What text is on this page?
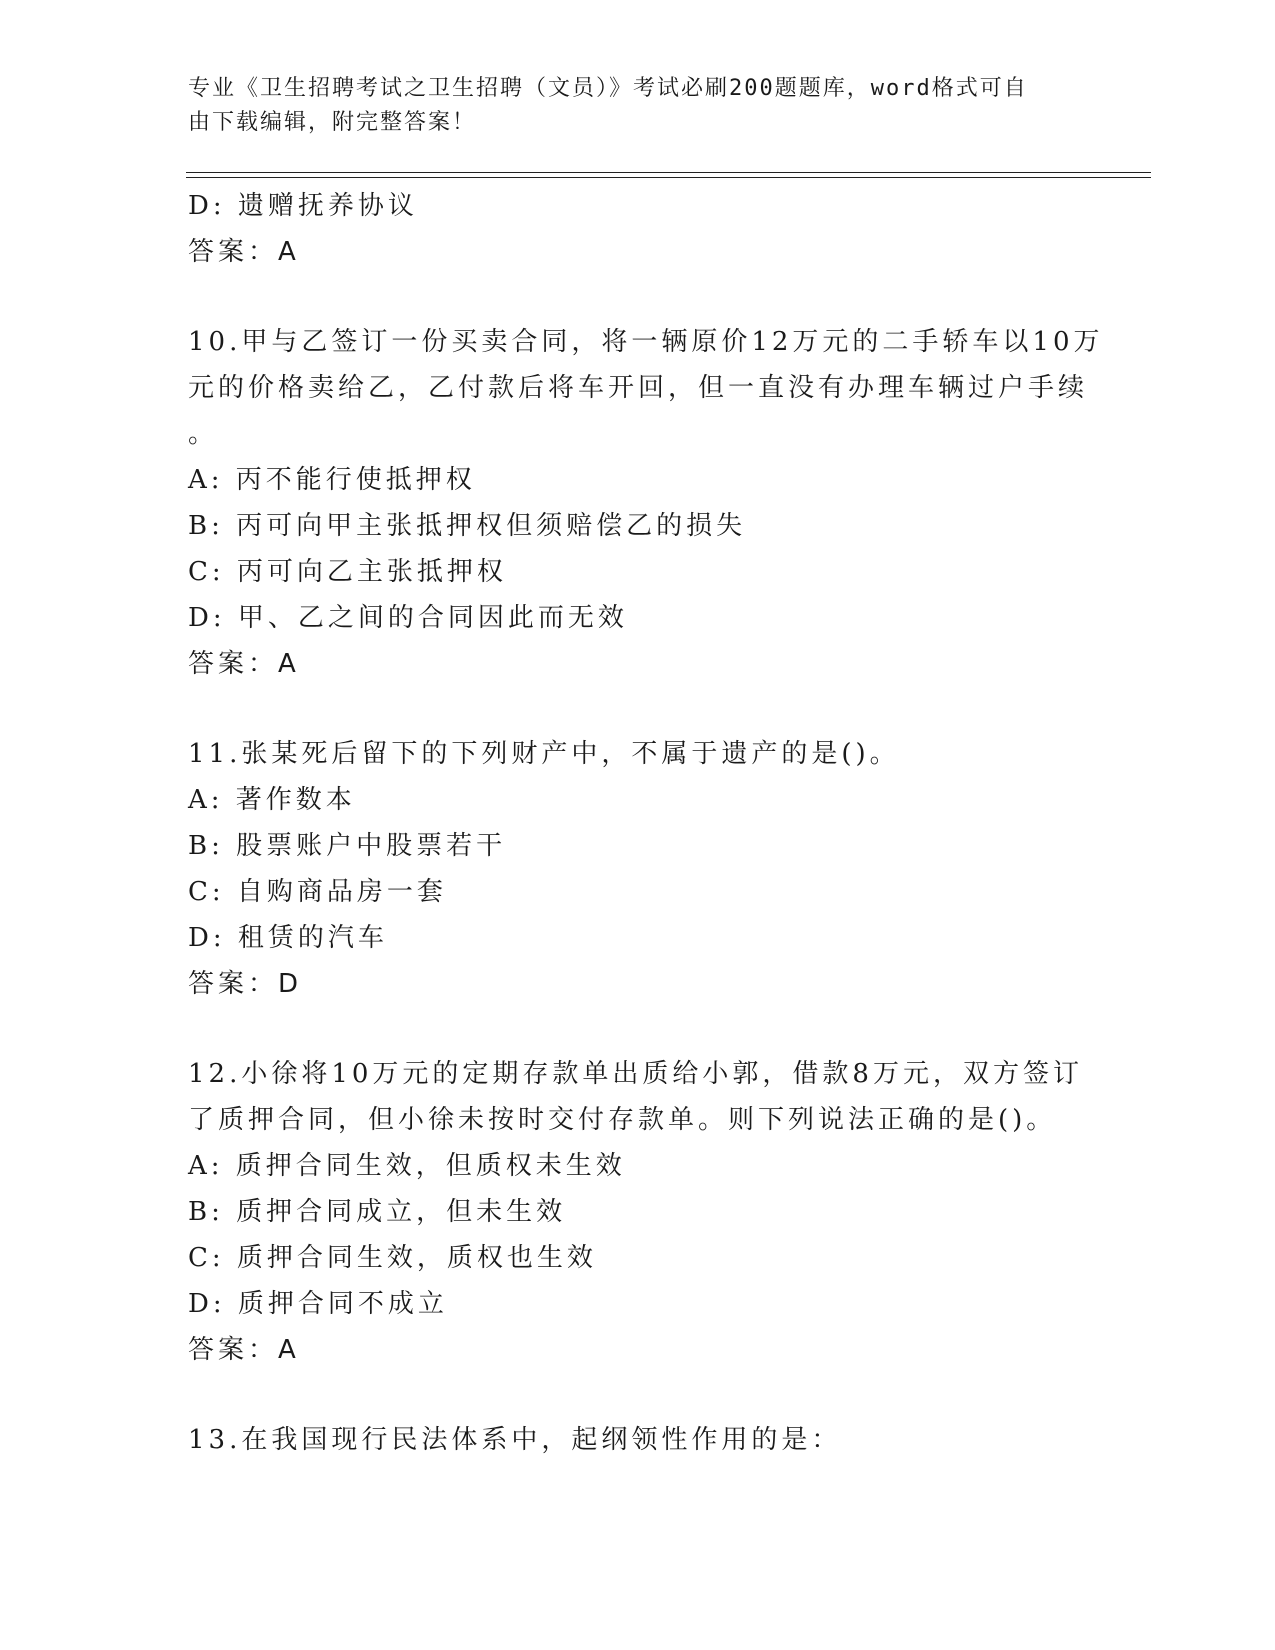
专业《卫生招聘考试之卫生招聘（文员）》考试必刷200题题库，word格式可自
由下载编辑，附完整答案！
D: 遗赠抚养协议
答案：A
10.甲与乙签订一份买卖合同，将一辆原价12万元的二手轿车以10万
元的价格卖给乙，乙付款后将车开回，但一直没有办理车辆过户手续
。
A: 丙不能行使抵押权
B: 丙可向甲主张抵押权但须赔偿乙的损失
C: 丙可向乙主张抵押权
D: 甲、乙之间的合同因此而无效
答案：A
11.张某死后留下的下列财产中，不属于遗产的是()。
A: 著作数本
B: 股票账户中股票若干
C: 自购商品房一套
D: 租赁的汽车
答案：D
12.小徐将10万元的定期存款单出质给小郭，借款8万元，双方签订
了质押合同，但小徐未按时交付存款单。则下列说法正确的是()。
A: 质押合同生效，但质权未生效
B: 质押合同成立，但未生效
C: 质押合同生效，质权也生效
D: 质押合同不成立
答案：A
13.在我国现行民法体系中，起纲领性作用的是：
